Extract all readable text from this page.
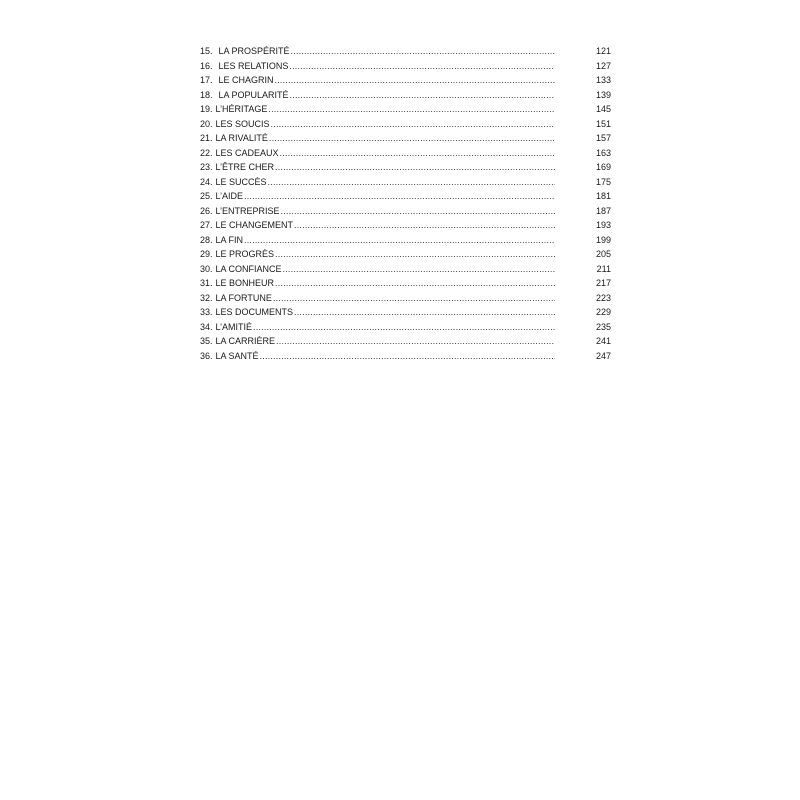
15. LA PROSPÉRITÉ .....	121
16. LES RELATIONS .....	127
17. LE CHAGRIN .....	133
18. LA POPULARITÉ .....	139
19. L’HÉRITAGE .....	145
20. LES SOUCIS .....	151
21. LA RIVALITÉ .....	157
22. LES CADEAUX .....	163
23. L’ÊTRE CHER .....	169
24. LE SUCCÈS .....	175
25. L’AIDE .....	181
26. L’ENTREPRISE .....	187
27. LE CHANGEMENT .....	193
28. LA FIN .....	199
29. LE PROGRÈS .....	205
30. LA CONFIANCE .....	211
31. LE BONHEUR .....	217
32. LA FORTUNE .....	223
33. LES DOCUMENTS .....	229
34. L’AMITIÉ .....	235
35. LA CARRIÈRE .....	241
36. LA SANTÉ .....	247
